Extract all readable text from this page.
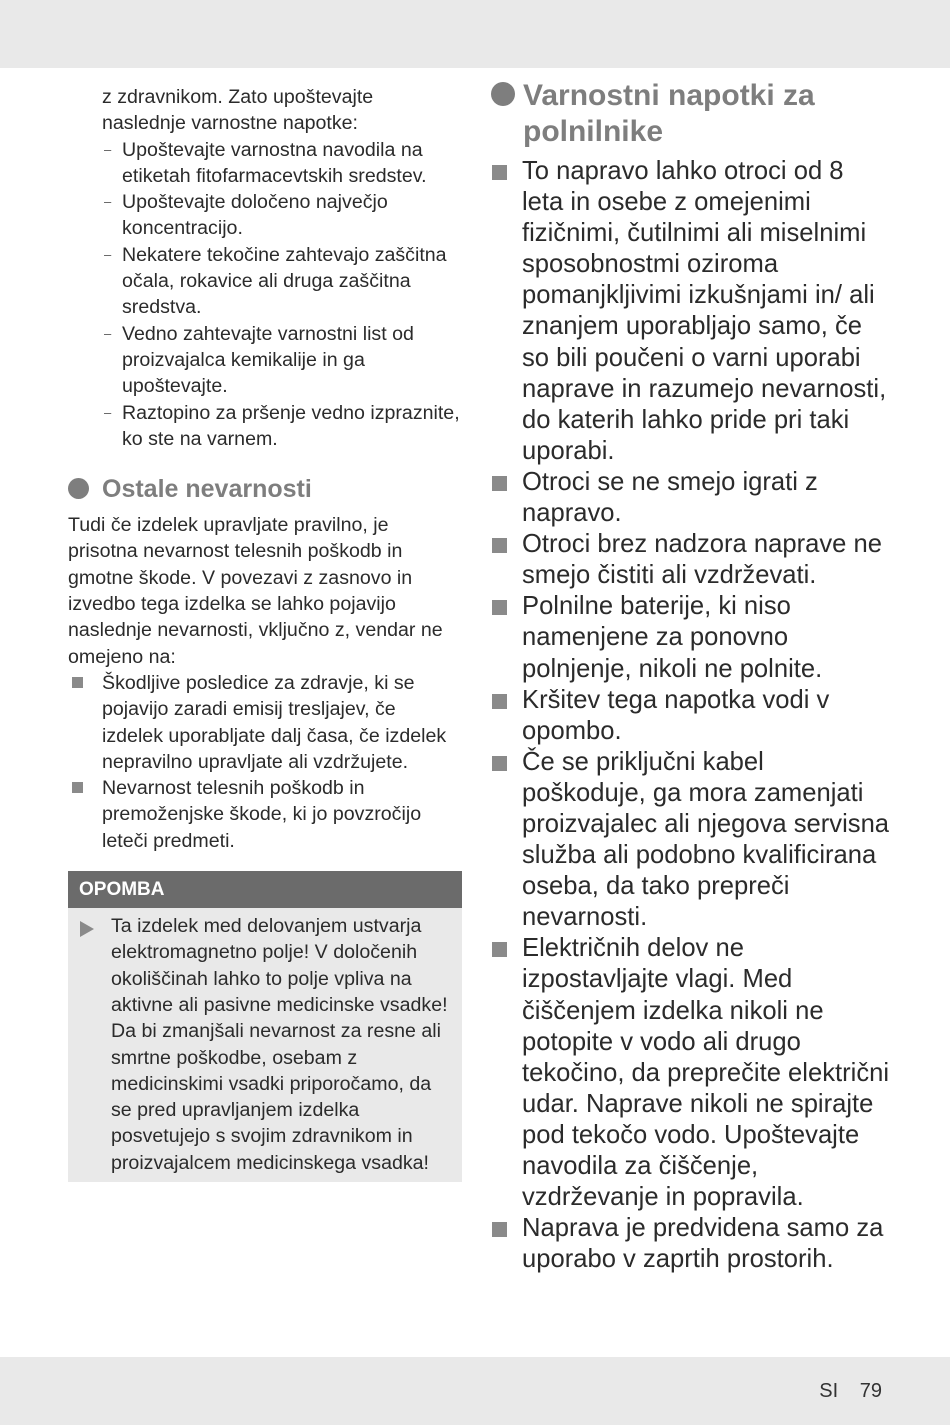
z zdravnikom. Zato upoštevajte naslednje varnostne napotke:
– Upoštevajte varnostna navodila na etiketah fitofarmacevtskih sredstev.
– Upoštevajte določeno največjo koncentracijo.
– Nekatere tekočine zahtevajo zaščitna očala, rokavice ali druga zaščitna sredstva.
– Vedno zahtevajte varnostni list od proizvajalca kemikalije in ga upoštevajte.
– Raztopino za pršenje vedno izpraznite, ko ste na varnem.
Ostale nevarnosti
Tudi če izdelek upravljate pravilno, je prisotna nevarnost telesnih poškodb in gmotne škode. V povezavi z zasnovo in izvedbo tega izdelka se lahko pojavijo naslednje nevarnosti, vključno z, vendar ne omejeno na:
Škodljive posledice za zdravje, ki se pojavijo zaradi emisij tresljajev, če izdelek uporabljate dalj časa, če izdelek nepravilno upravljate ali vzdržujete.
Nevarnost telesnih poškodb in premoženjske škode, ki jo povzročijo leteči predmeti.
OPOMBA
Ta izdelek med delovanjem ustvarja elektromagnetno polje! V določenih okoliščinah lahko to polje vpliva na aktivne ali pasivne medicinske vsadke! Da bi zmanjšali nevarnost za resne ali smrtne poškodbe, osebam z medicinskimi vsadki priporočamo, da se pred upravljanjem izdelka posvetujejo s svojim zdravnikom in proizvajalcem medicinskega vsadka!
Varnostni napotki za polnilnike
To napravo lahko otroci od 8 leta in osebe z omejenimi fizičnimi, čutilnimi ali miselnimi sposobnostmi oziroma pomanjkljivimi izkušnjami in/ ali znanjem uporabljajo samo, če so bili poučeni o varni uporabi naprave in razumejo nevarnosti, do katerih lahko pride pri taki uporabi.
Otroci se ne smejo igrati z napravo.
Otroci brez nadzora naprave ne smejo čistiti ali vzdrževati.
Polnilne baterije, ki niso namenjene za ponovno polnjenje, nikoli ne polnite.
Kršitev tega napotka vodi v opombo.
Če se priključni kabel poškoduje, ga mora zamenjati proizvajalec ali njegova servisna služba ali podobno kvalificirana oseba, da tako prepreči nevarnosti.
Električnih delov ne izpostavljajte vlagi. Med čiščenjem izdelka nikoli ne potopite v vodo ali drugo tekočino, da preprečite električni udar. Naprave nikoli ne spirajte pod tekočo vodo. Upoštevajte navodila za čiščenje, vzdrževanje in popravila.
Naprava je predvidena samo za uporabo v zaprtih prostorih.
SI 79
